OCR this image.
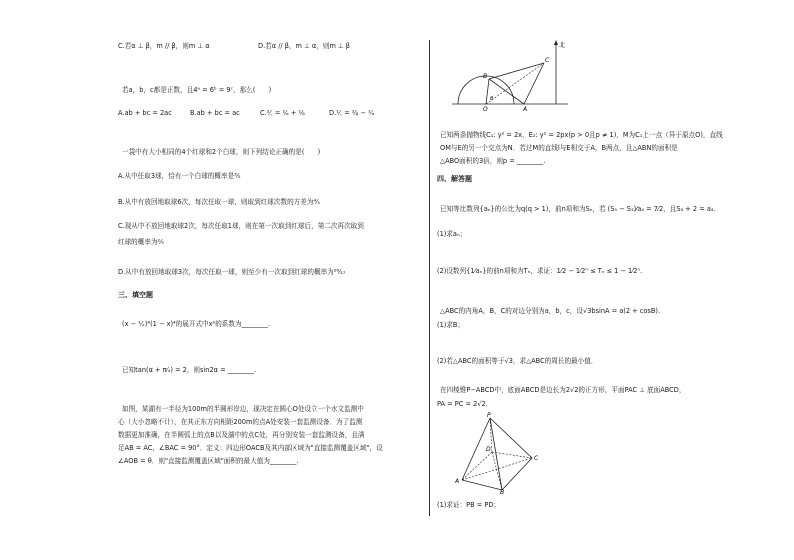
C.若α ⊥ β，m // β，则m ⊥ α	D.若α // β，m ⊥ α，则m ⊥ β
若a，b，c都是正数，且4ᵃ = 6ᵇ = 9ᶜ，那么(　　)
A.ab + bc = 2ac	B.ab + bc = ac	C.²⁄꜀ = ²⁄ₐ + ¹⁄ᵦ	D.¹⁄꜀ = ²⁄ᵦ − ¹⁄ₐ
一袋中有大小相同的4个红球和2个白球，则下列结论正确的是(　　)
A.从中任取3球，恰有一个白球的概率是³⁄₅
B.从中有放回地取球6次，每次任取一球，则取到红球次数的方差为⁴⁄₃
C.现从中不放回地取球2次，每次任取1球，则在第一次取到红球后，第二次再次取到
红球的概率为²⁄₅
D.从中有放回地取球3次，每次任取一球，则至少有一次取到红球的概率为²⁶⁄₂₇
三、填空题
(x − ¹⁄ₓ)⁴(1 − x)⁴的展开式中x²的系数为________.
已知tan(α + π⁄₄) = 2，则sin2α = ________.
如图，某湖有一半径为100m的半圆形岸边，现决定在圆心O处设立一个水文监测中
心（大小忽略不计），在其正东方向相距200m的点A处安装一套监测设备．为了监测
数据更加准确，在半圆弧上的点B以及湖中的点C处，再分别安装一套监测设备，且满
足AB = AC，∠BAC = 90°．定义：四边形OACB及其内部区域为"直接监测覆盖区域"，设
∠AOB = θ．则"直接监测覆盖区域"面积的最大值为________.
北
O	A
B
C
θ
已知两条抛物线C₁: y² = 2x，E₂: y² = 2px(p > 0且p ≠ 1)，M为C₁上一点（异于原点O)，直线
OM与E的另一个交点为N．若过M的直线l与E相交于A，B两点，且△ABN的面积是
△ABO面积的3倍，则p = ________.
四、解答题
已知等比数列{aₙ}的公比为q(q > 1)，前n项和为Sₙ，若 (S₅ − S₃)⁄a₄ = 7⁄2，且S₃ + 2 = a₄.
(1)求aₙ；
(2)设数列{1⁄aₙ}的前n项和为Tₙ，求证：1⁄2 − 1⁄2ⁿ ≤ Tₙ ≤ 1 − 1⁄2ⁿ.
△ABC的内角A，B，C的对边分别为a，b，c，设√3bsinA = a(2 + cosB).
(1)求B；
(2)若△ABC的面积等于√3，求△ABC的周长的最小值．
在四棱锥P−ABCD中，底面ABCD是边长为2√2的正方形，平面PAC ⊥ 底面ABCD，
PA = PC = 2√2．
P
A
B
C
D
(1)求证：PB = PD；
